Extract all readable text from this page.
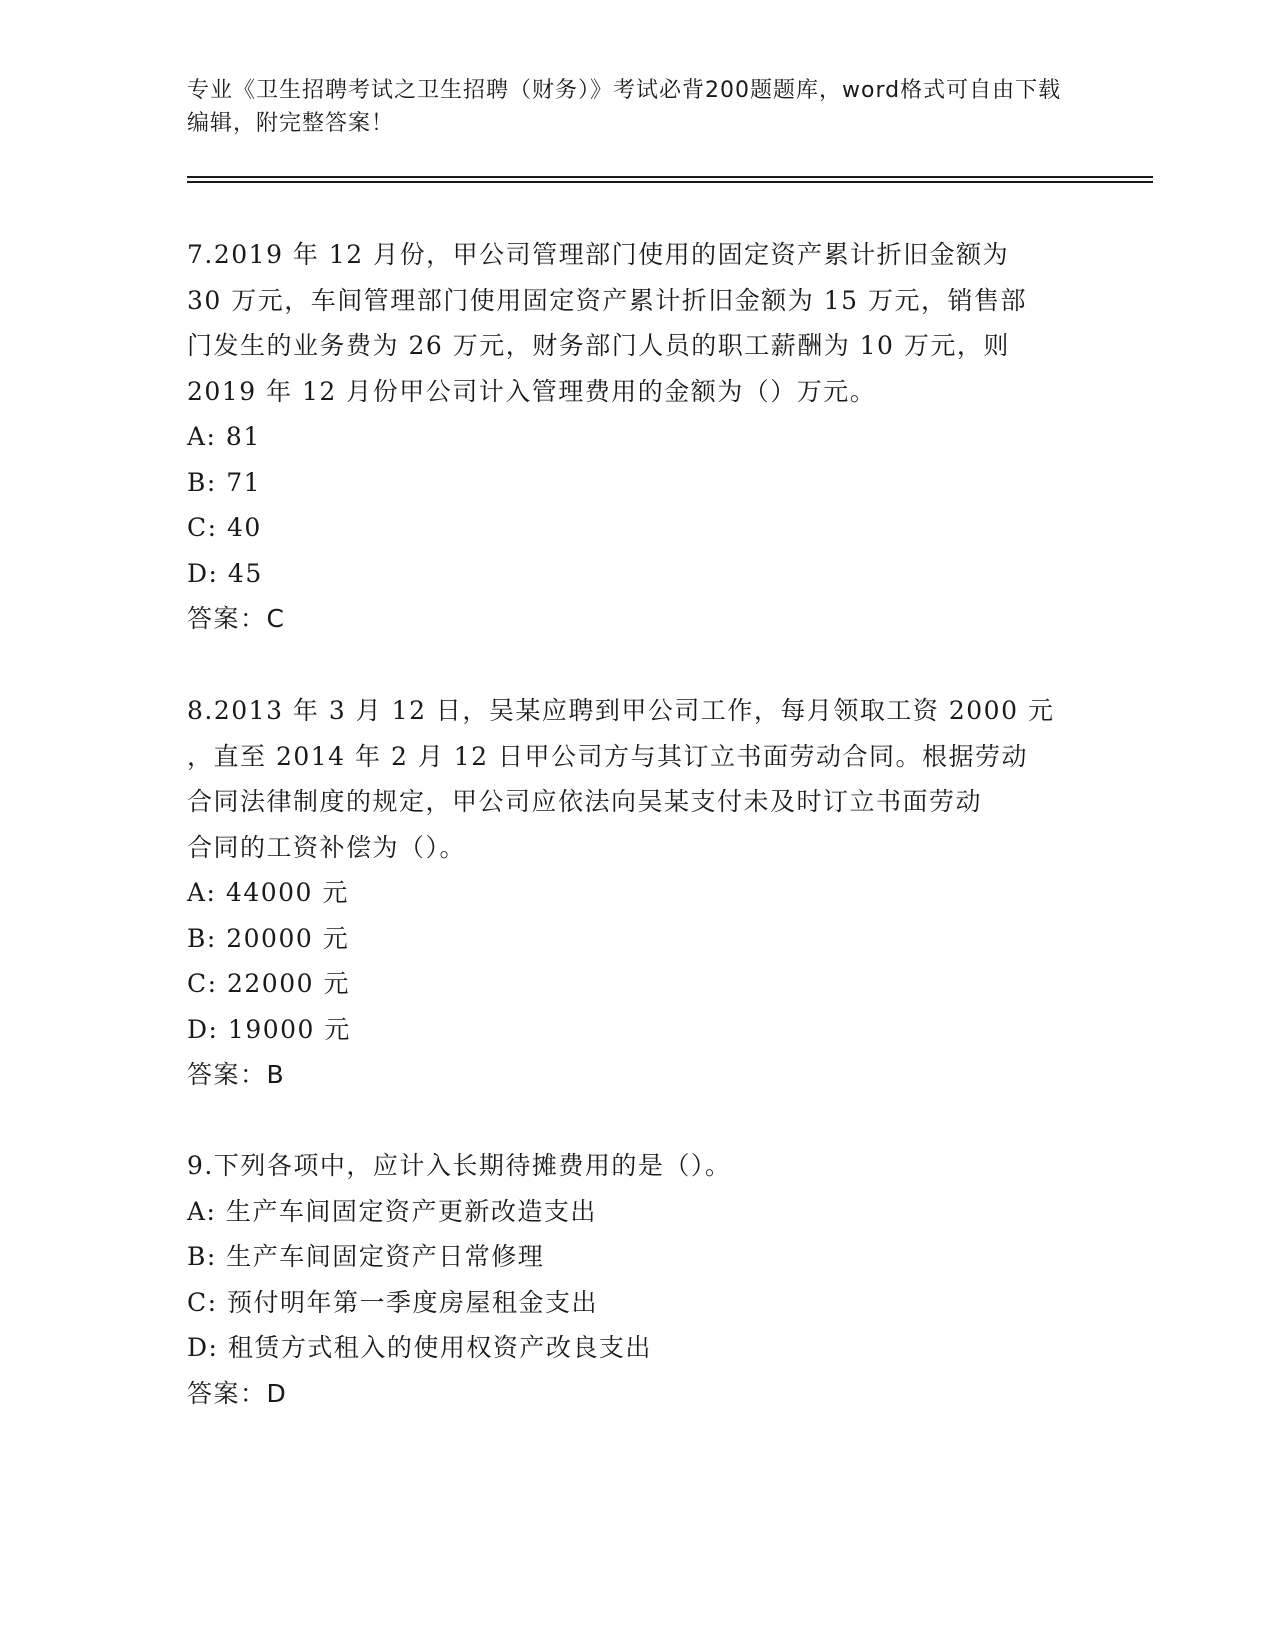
专业《卫生招聘考试之卫生招聘（财务）》考试必背200题题库，word格式可自由下载编辑，附完整答案！
7.2019 年 12 月份，甲公司管理部门使用的固定资产累计折旧金额为
30 万元，车间管理部门使用固定资产累计折旧金额为 15 万元，销售部
门发生的业务费为 26 万元，财务部门人员的职工薪酬为 10 万元，则
2019 年 12 月份甲公司计入管理费用的金额为（）万元。
A: 81
B: 71
C: 40
D: 45
答案：C
8.2013 年 3 月 12 日，吴某应聘到甲公司工作，每月领取工资 2000 元
，直至 2014 年 2 月 12 日甲公司方与其订立书面劳动合同。根据劳动
合同法律制度的规定，甲公司应依法向吴某支付未及时订立书面劳动
合同的工资补偿为（）。
A: 44000 元
B: 20000 元
C: 22000 元
D: 19000 元
答案：B
9.下列各项中，应计入长期待摊费用的是（）。
A: 生产车间固定资产更新改造支出
B: 生产车间固定资产日常修理
C: 预付明年第一季度房屋租金支出
D: 租赁方式租入的使用权资产改良支出
答案：D
